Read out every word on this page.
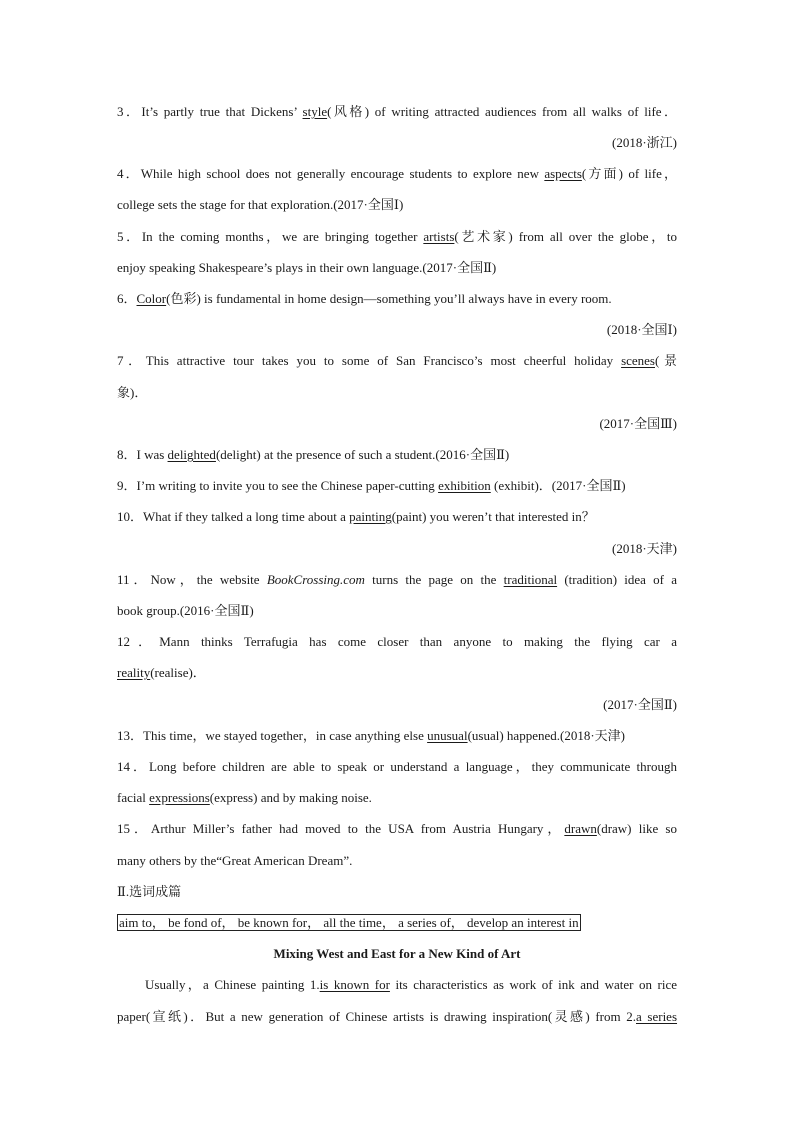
3．It’s partly true that Dickens’ style(风格) of writing attracted audiences from all walks of life．
(2018·浙江)
4．While high school does not generally encourage students to explore new aspects(方面) of life，
college sets the stage for that exploration.(2017·全国Ⅰ)
5．In the coming months，we are bringing together artists(艺术家) from all over the globe，to
enjoy speaking Shakespeare’s plays in their own language.(2017·全国Ⅱ)
6．Color(色彩) is fundamental in home design—something you’ll always have in every room.
(2018·全国Ⅰ)
7．This attractive tour takes you to some of San Francisco’s most cheerful holiday scenes(景
象)．
(2017·全国Ⅲ)
8．I was delighted(delight) at the presence of such a student.(2016·全国Ⅱ)
9．I’m writing to invite you to see the Chinese paper-cutting exhibition (exhibit)．(2017·全国Ⅱ)
10．What if they talked a long time about a painting(paint) you weren’t that interested in？
(2018·天津)
11．Now，the website BookCrossing.com turns the page on the traditional (tradition) idea of a
book group.(2016·全国Ⅱ)
12．Mann thinks Terrafugia has come closer than anyone to making the flying car a
reality(realise)．
(2017·全国Ⅱ)
13．This time，we stayed together，in case anything else unusual(usual) happened.(2018·天津)
14．Long before children are able to speak or understand a language，they communicate through
facial expressions(express) and by making noise.
15．Arthur Miller’s father had moved to the USA from Austria Hungary，drawn(draw) like so
many others by the“Great American Dream”.
Ⅱ.选词成篇
aim to， be fond of， be known for， all the time， a series of， develop an interest in
Mixing West and East for a New Kind of Art
Usually，a Chinese painting 1.is known for its characteristics as work of ink and water on rice
paper(宣纸)．But a new generation of Chinese artists is drawing inspiration(灵感) from 2.a series
